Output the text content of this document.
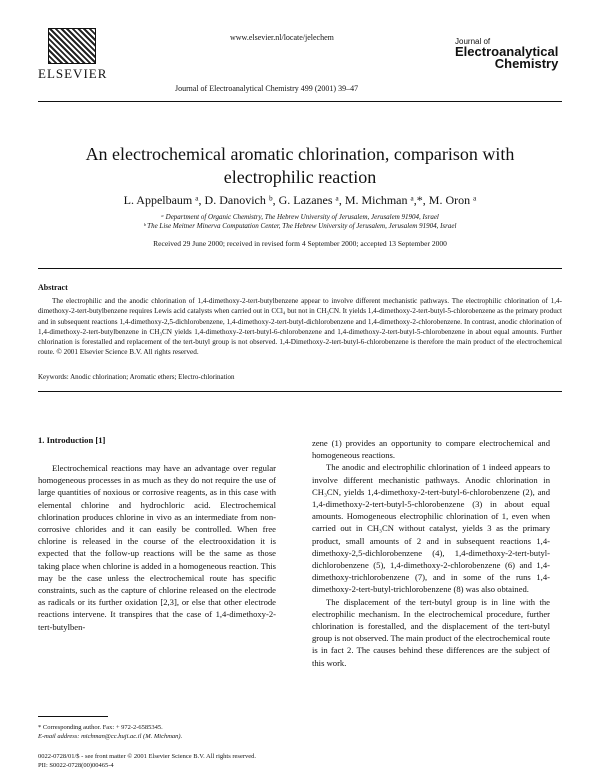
ELSEVIER
www.elsevier.nl/locate/jelechem
Journal of Electroanalytical Chemistry 499 (2001) 39–47
Journal of
Electroanalytical
Chemistry
An electrochemical aromatic chlorination, comparison with
electrophilic reaction
L. Appelbaum ᵃ, D. Danovich ᵇ, G. Lazanes ᵃ, M. Michman ᵃ,*, M. Oron ᵃ
ᵃ Department of Organic Chemistry, The Hebrew University of Jerusalem, Jerusalem 91904, Israel
ᵇ The Lise Meitner Minerva Computation Center, The Hebrew University of Jerusalem, Jerusalem 91904, Israel
Received 29 June 2000; received in revised form 4 September 2000; accepted 13 September 2000
Abstract
The electrophilic and the anodic chlorination of 1,4-dimethoxy-2-tert-butylbenzene appear to involve different mechanistic pathways. The electrophilic chlorination of 1,4-dimethoxy-2-tert-butylbenzene requires Lewis acid catalysts when carried out in CCl₄ but not in CH₃CN. It yields 1,4-dimethoxy-2-tert-butyl-5-chlorobenzene as the primary product and in subsequent reactions 1,4-dimethoxy-2,5-dichlorobenzene, 1,4-dimethoxy-2-tert-butyl-dichlorobenzene and 1,4-dimethoxy-2-chlorobenzene. In contrast, anodic chlorination of 1,4-dimethoxy-2-tert-butylbenzene in CH₃CN yields 1,4-dimethoxy-2-tert-butyl-6-chlorobenzene and 1,4-dimethoxy-2-tert-butyl-5-chlorobenzene in about equal amounts. Further chlorination is forestalled and replacement of the tert-butyl group is not observed. 1,4-Dimethoxy-2-tert-butyl-6-chlorobenzene is therefore the main product of the electrochemical route. © 2001 Elsevier Science B.V. All rights reserved.
Keywords: Anodic chlorination; Aromatic ethers; Electro-chlorination
1. Introduction [1]

Electrochemical reactions may have an advantage over regular homogeneous processes in as much as they do not require the use of large quantities of noxious or corrosive reagents, as in this case with elemental chlorine and hydrochloric acid. Electrochemical chlorination produces chlorine in vivo as an intermediate from non-corrosive chlorides and it can easily be controlled. When free chlorine is released in the course of the electrooxidation it is expected that the follow-up reactions will be the same as those taking place when chlorine is added in a homogeneous reaction. This may be the case unless the electrochemical route has specific constraints, such as the capture of chlorine released on the electrode as radicals or its further oxidation [2,3], or else that other electrode reactions intervene. It transpires that the case of 1,4-dimethoxy-2-tert-butylben-

zene (1) provides an opportunity to compare electrochemical and homogeneous reactions.

The anodic and electrophilic chlorination of 1 indeed appears to involve different mechanistic pathways. Anodic chlorination in CH₃CN, yields 1,4-dimethoxy-2-tert-butyl-6-chlorobenzene (2), and 1,4-dimethoxy-2-tert-butyl-5-chlorobenzene (3) in about equal amounts. Homogeneous electrophilic chlorination of 1, even when carried out in CH₃CN without catalyst, yields 3 as the primary product, small amounts of 2 and in subsequent reactions 1,4-dimethoxy-2,5-dichlorobenzene (4), 1,4-dimethoxy-2-tert-butyl-dichlorobenzene (5), 1,4-dimethoxy-2-chlorobenzene (6) and 1,4-dimethoxy-trichlorobenzene (7), and in some of the runs 1,4-dimethoxy-2-tert-butyl-trichlorobenzene (8) was also obtained.

The displacement of the tert-butyl group is in line with the electrophilic mechanism. In the electrochemical procedure, further chlorination is forestalled, and the displacement of the tert-butyl group is not observed. The main product of the electrochemical route is in fact 2. The causes behind these differences are the subject of this work.

* Corresponding author. Fax: + 972-2-6585345.
E-mail address: michman@cc.huji.ac.il (M. Michman).
0022-0728/01/$ - see front matter © 2001 Elsevier Science B.V. All rights reserved.
PII: S0022-0728(00)00465-4
